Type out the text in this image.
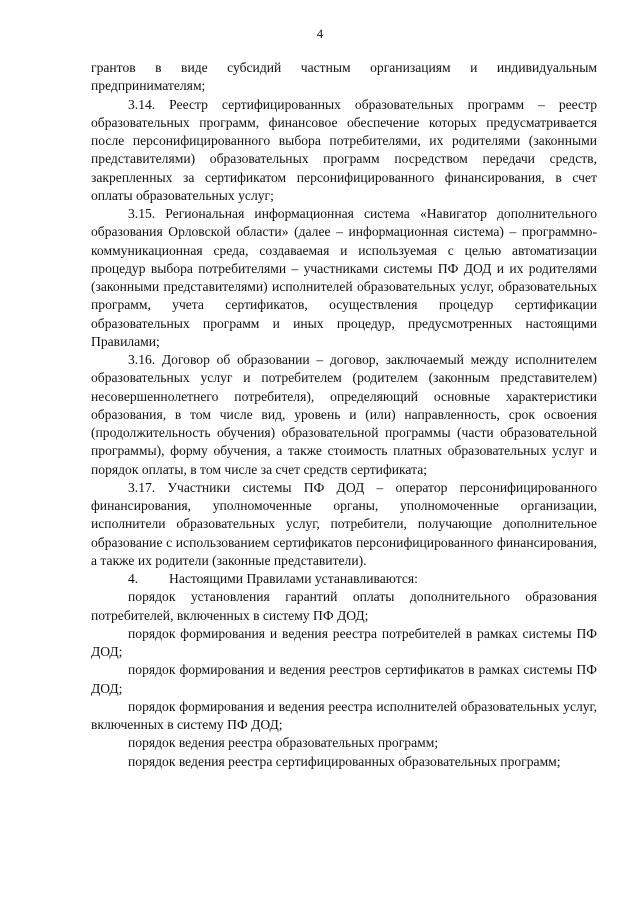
4

грантов в виде субсидий частным организациям и индивидуальным предпринимателям;

3.14. Реестр сертифицированных образовательных программ – реестр образовательных программ, финансовое обеспечение которых предусматривается после персонифицированного выбора потребителями, их родителями (законными представителями) образовательных программ посредством передачи средств, закрепленных за сертификатом персонифицированного финансирования, в счет оплаты образовательных услуг;

3.15. Региональная информационная система «Навигатор дополнительного образования Орловской области» (далее – информационная система) – программно-коммуникационная среда, создаваемая и используемая с целью автоматизации процедур выбора потребителями – участниками системы ПФ ДОД и их родителями (законными представителями) исполнителей образовательных услуг, образовательных программ, учета сертификатов, осуществления процедур сертификации образовательных программ и иных процедур, предусмотренных настоящими Правилами;

3.16. Договор об образовании – договор, заключаемый между исполнителем образовательных услуг и потребителем (родителем (законным представителем) несовершеннолетнего потребителя), определяющий основные характеристики образования, в том числе вид, уровень и (или) направленность, срок освоения (продолжительность обучения) образовательной программы (части образовательной программы), форму обучения, а также стоимость платных образовательных услуг и порядок оплаты, в том числе за счет средств сертификата;

3.17. Участники системы ПФ ДОД – оператор персонифицированного финансирования, уполномоченные органы, уполномоченные организации, исполнители образовательных услуг, потребители, получающие дополнительное образование с использованием сертификатов персонифицированного финансирования, а также их родители (законные представители).

4.	Настоящими Правилами устанавливаются:

порядок установления гарантий оплаты дополнительного образования потребителей, включенных в систему ПФ ДОД;

порядок формирования и ведения реестра потребителей в рамках системы ПФ ДОД;

порядок формирования и ведения реестров сертификатов в рамках системы ПФ ДОД;

порядок формирования и ведения реестра исполнителей образовательных услуг, включенных в систему ПФ ДОД;

порядок ведения реестра образовательных программ;

порядок ведения реестра сертифицированных образовательных программ;
